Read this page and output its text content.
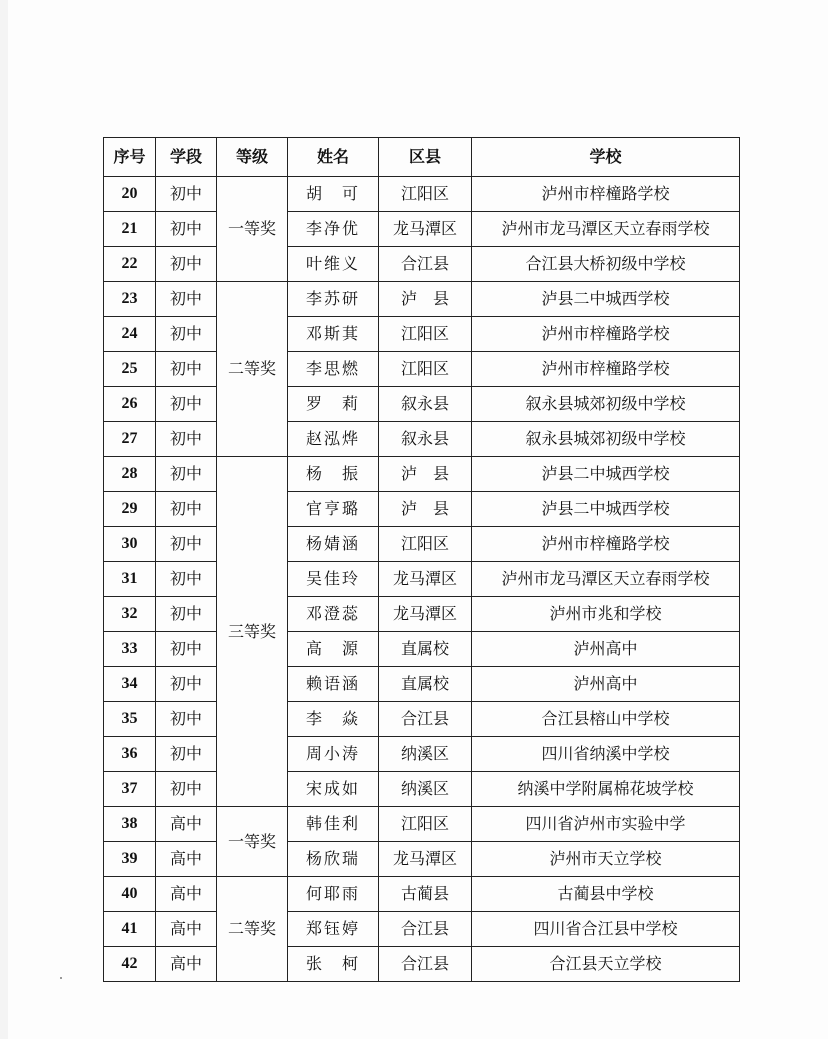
序号	学段	等级	姓名	区县	学校
20	初中	一等奖	胡　可	江阳区	泸州市梓橦路学校
21	初中		李净优	龙马潭区	泸州市龙马潭区天立春雨学校
22	初中		叶维义	合江县	合江县大桥初级中学校
23	初中	二等奖	李苏研	泸　县	泸县二中城西学校
24	初中		邓斯萁	江阳区	泸州市梓橦路学校
25	初中		李思燃	江阳区	泸州市梓橦路学校
26	初中		罗　莉	叙永县	叙永县城郊初级中学校
27	初中		赵泓烨	叙永县	叙永县城郊初级中学校
28	初中	三等奖	杨　振	泸　县	泸县二中城西学校
29	初中		官亨璐	泸　县	泸县二中城西学校
30	初中		杨婧涵	江阳区	泸州市梓橦路学校
31	初中		吴佳玲	龙马潭区	泸州市龙马潭区天立春雨学校
32	初中		邓澄蕊	龙马潭区	泸州市兆和学校
33	初中		高　源	直属校	泸州高中
34	初中		赖语涵	直属校	泸州高中
35	初中		李　焱	合江县	合江县榕山中学校
36	初中		周小涛	纳溪区	四川省纳溪中学校
37	初中		宋成如	纳溪区	纳溪中学附属棉花坡学校
38	高中	一等奖	韩佳利	江阳区	四川省泸州市实验中学
39	高中		杨欣瑞	龙马潭区	泸州市天立学校
40	高中	二等奖	何耶雨	古蔺县	古蔺县中学校
41	高中		郑钰婷	合江县	四川省合江县中学校
42	高中		张　柯	合江县	合江县天立学校
